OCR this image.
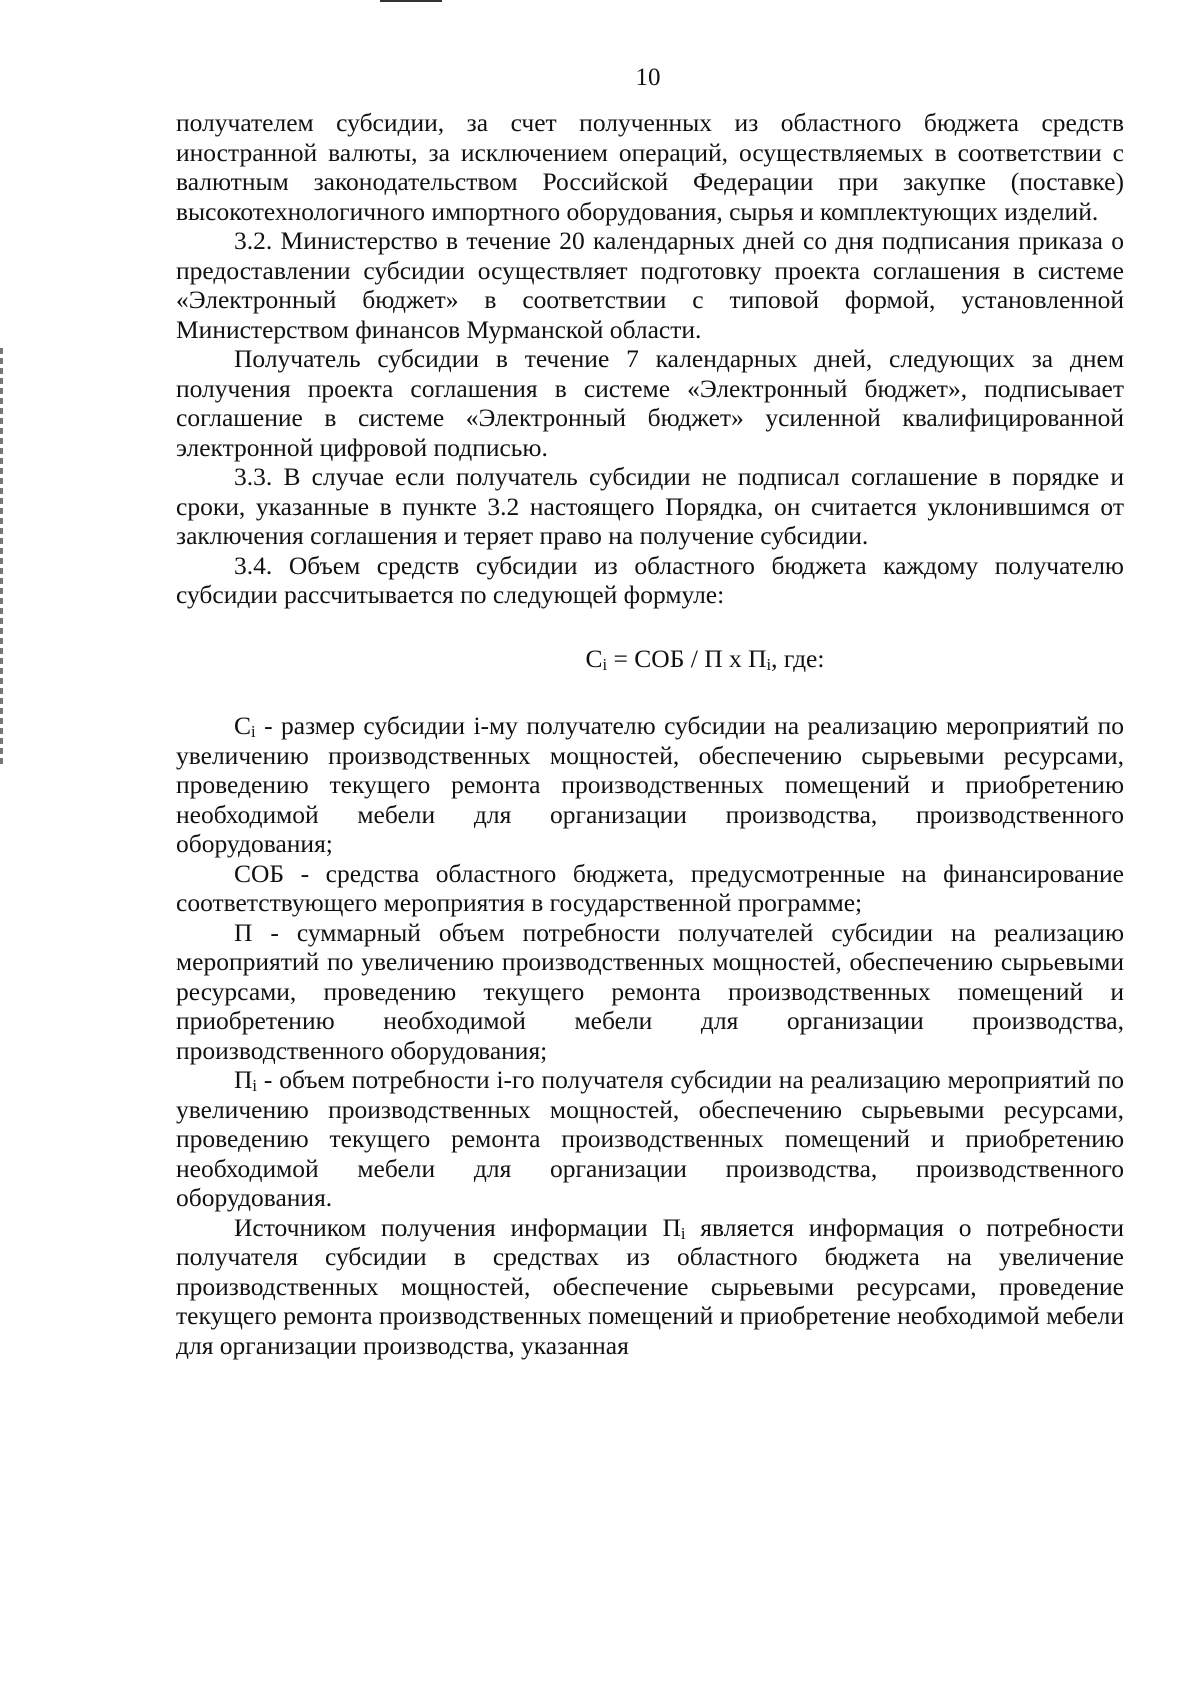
10

получателем субсидии, за счет полученных из областного бюджета средств иностранной валюты, за исключением операций, осуществляемых в соответствии с валютным законодательством Российской Федерации при закупке (поставке) высокотехнологичного импортного оборудования, сырья и комплектующих изделий.

3.2. Министерство в течение 20 календарных дней со дня подписания приказа о предоставлении субсидии осуществляет подготовку проекта соглашения в системе «Электронный бюджет» в соответствии с типовой формой, установленной Министерством финансов Мурманской области.

Получатель субсидии в течение 7 календарных дней, следующих за днем получения проекта соглашения в системе «Электронный бюджет», подписывает соглашение в системе «Электронный бюджет» усиленной квалифицированной электронной цифровой подписью.

3.3. В случае если получатель субсидии не подписал соглашение в порядке и сроки, указанные в пункте 3.2 настоящего Порядка, он считается уклонившимся от заключения соглашения и теряет право на получение субсидии.

3.4. Объем средств субсидии из областного бюджета каждому получателю субсидии рассчитывается по следующей формуле:

$C_i$ = СОБ / П х $П_i$, где:

$C_i$ - размер субсидии i-му получателю субсидии на реализацию мероприятий по увеличению производственных мощностей, обеспечению сырьевыми ресурсами, проведению текущего ремонта производственных помещений и приобретению необходимой мебели для организации производства, производственного оборудования;

СОБ - средства областного бюджета, предусмотренные на финансирование соответствующего мероприятия в государственной программе;

П - суммарный объем потребности получателей субсидии на реализацию мероприятий по увеличению производственных мощностей, обеспечению сырьевыми ресурсами, проведению текущего ремонта производственных помещений и приобретению необходимой мебели для организации производства, производственного оборудования;

$П_i$ - объем потребности i-го получателя субсидии на реализацию мероприятий по увеличению производственных мощностей, обеспечению сырьевыми ресурсами, проведению текущего ремонта производственных помещений и приобретению необходимой мебели для организации производства, производственного оборудования.

Источником получения информации $П_i$ является информация о потребности получателя субсидии в средствах из областного бюджета на увеличение производственных мощностей, обеспечение сырьевыми ресурсами, проведение текущего ремонта производственных помещений и приобретение необходимой мебели для организации производства, указанная
